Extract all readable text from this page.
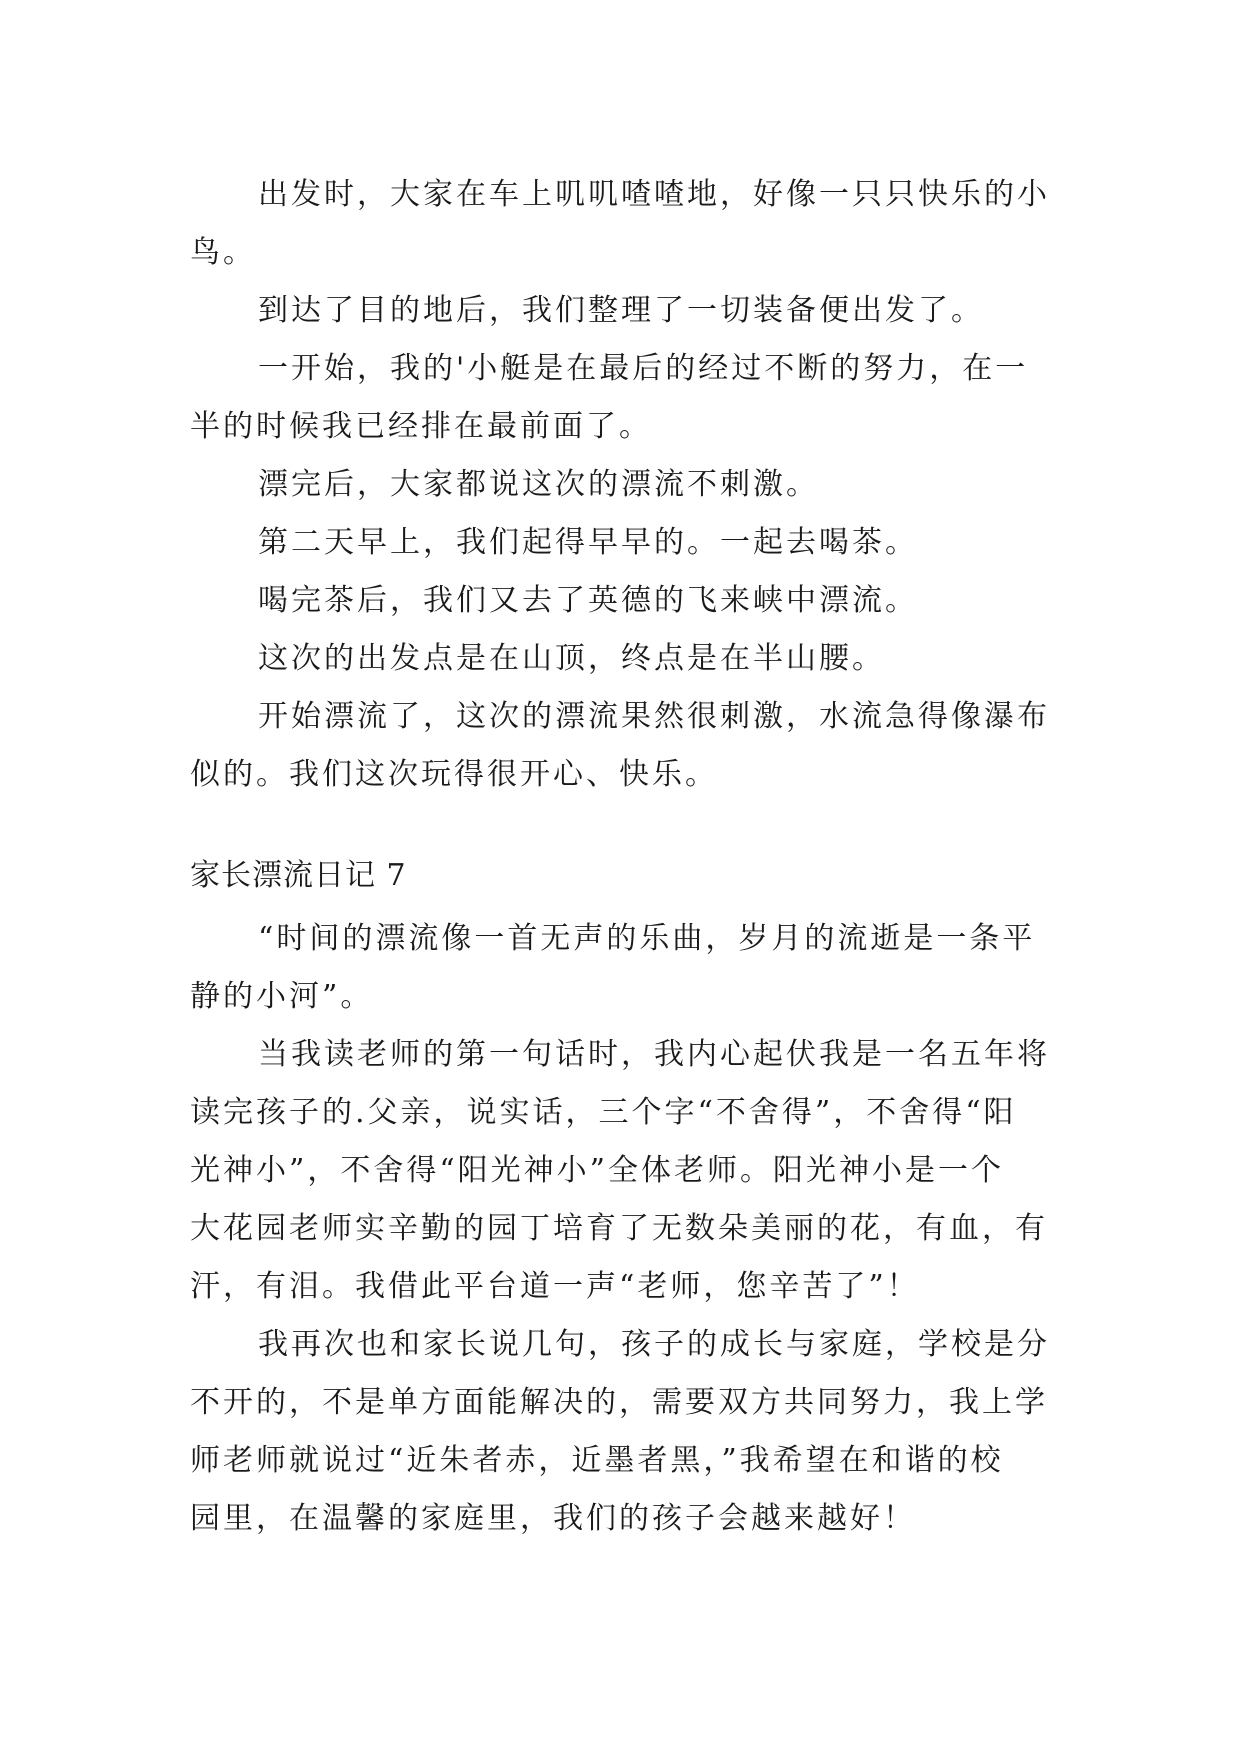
出发时，大家在车上叽叽喳喳地，好像一只只快乐的小
鸟。

到达了目的地后，我们整理了一切装备便出发了。

一开始，我的'小艇是在最后的经过不断的努力，在一
半的时候我已经排在最前面了。

漂完后，大家都说这次的漂流不刺激。

第二天早上，我们起得早早的。一起去喝茶。

喝完茶后，我们又去了英德的飞来峡中漂流。

这次的出发点是在山顶，终点是在半山腰。

开始漂流了，这次的漂流果然很刺激，水流急得像瀑布
似的。我们这次玩得很开心、快乐。

家长漂流日记 7

“时间的漂流像一首无声的乐曲，岁月的流逝是一条平
静的小河”。

当我读老师的第一句话时，我内心起伏我是一名五年将
读完孩子的.父亲，说实话，三个字“不舍得”，不舍得“阳
光神小”，不舍得“阳光神小”全体老师。阳光神小是一个
大花园老师实辛勤的园丁培育了无数朵美丽的花，有血，有
汗，有泪。我借此平台道一声“老师，您辛苦了”！

我再次也和家长说几句，孩子的成长与家庭，学校是分
不开的，不是单方面能解决的，需要双方共同努力，我上学
师老师就说过“近朱者赤，近墨者黑，”我希望在和谐的校
园里，在温馨的家庭里，我们的孩子会越来越好！
